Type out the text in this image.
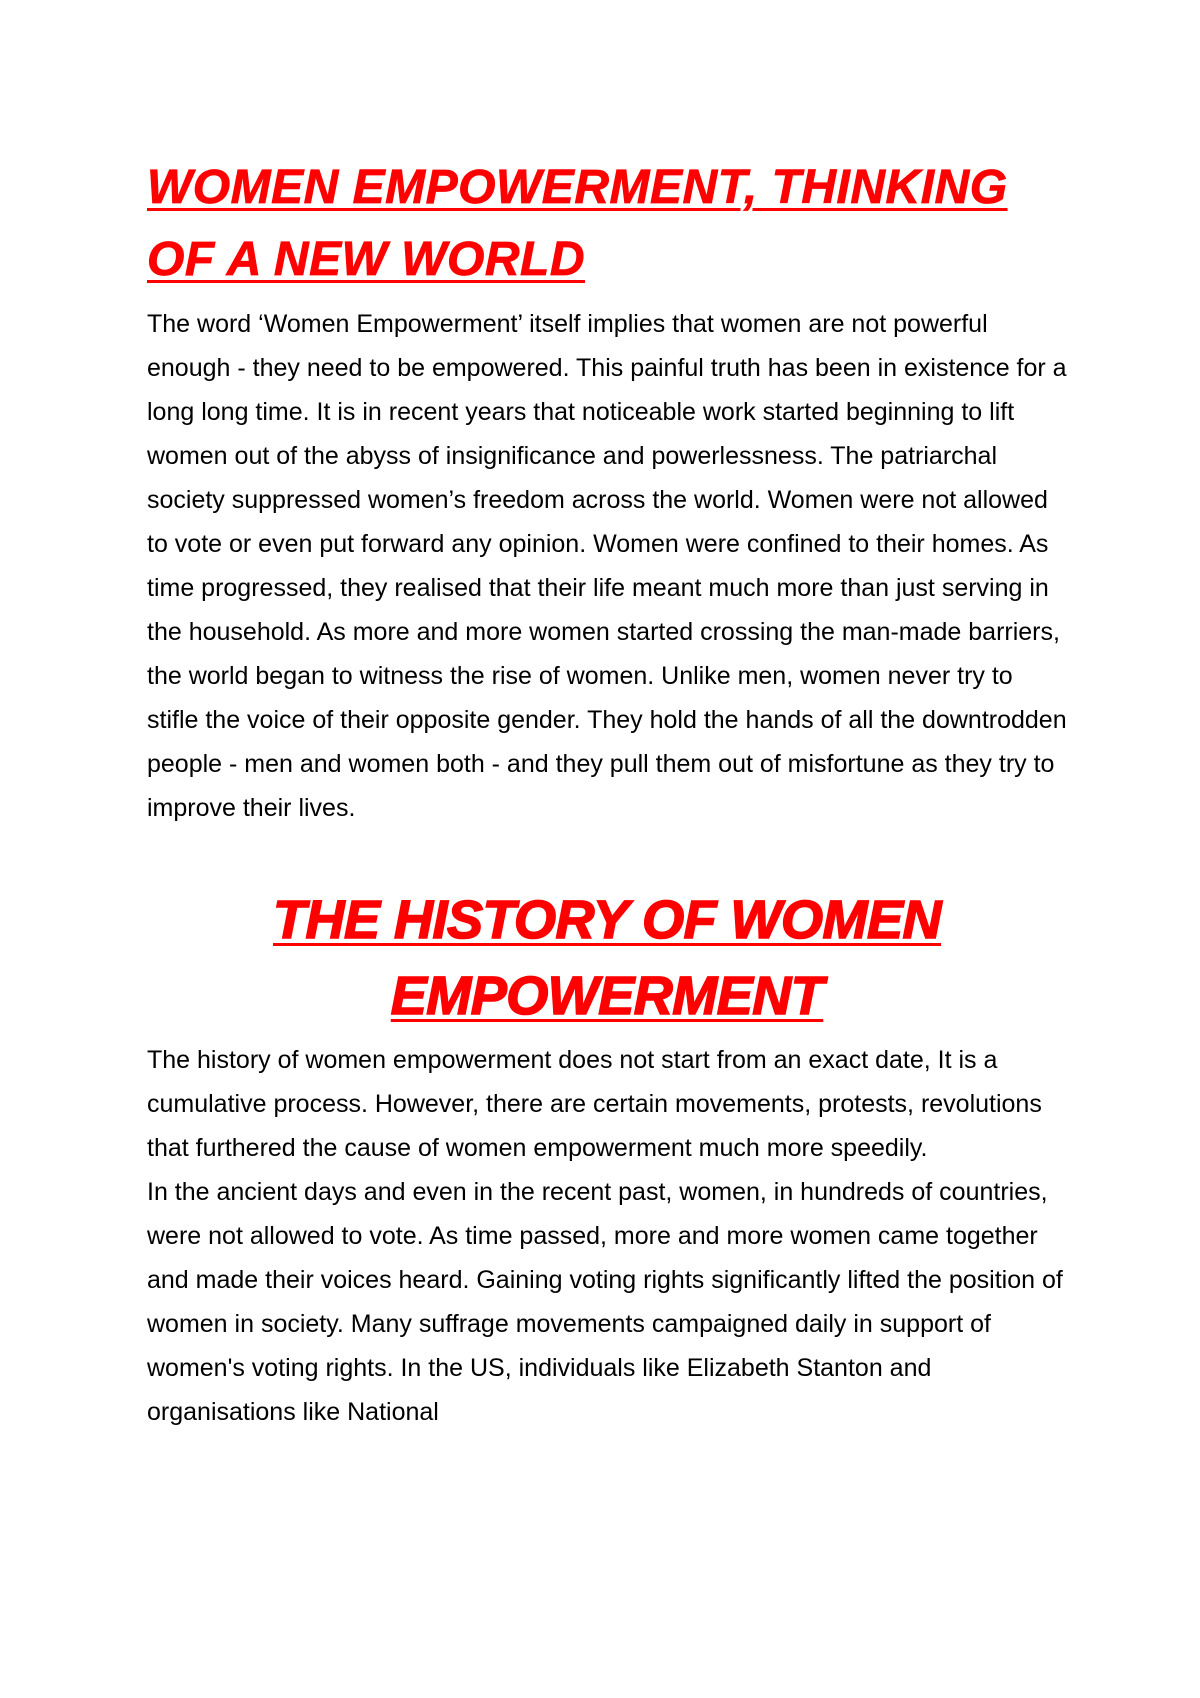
WOMEN EMPOWERMENT, THINKING OF A NEW WORLD

The word ‘Women Empowerment’ itself implies that women are not powerful enough - they need to be empowered. This painful truth has been in existence for a long long time. It is in recent years that noticeable work started beginning to lift women out of the abyss of insignificance and powerlessness. The patriarchal society suppressed women’s freedom across the world. Women were not allowed to vote or even put forward any opinion. Women were confined to their homes. As time progressed, they realised that their life meant much more than just serving in the household. As more and more women started crossing the man-made barriers, the world began to witness the rise of women. Unlike men, women never try to stifle the voice of their opposite gender. They hold the hands of all the downtrodden people - men and women both - and they pull them out of misfortune as they try to improve their lives.

THE HISTORY OF WOMEN EMPOWERMENT

The history of women empowerment does not start from an exact date, It is a cumulative process. However, there are certain movements, protests, revolutions that furthered the cause of women empowerment much more speedily.

In the ancient days and even in the recent past, women, in hundreds of countries, were not allowed to vote. As time passed, more and more women came together and made their voices heard. Gaining voting rights significantly lifted the position of women in society. Many suffrage movements campaigned daily in support of women's voting rights. In the US, individuals like Elizabeth Stanton and organisations like National
